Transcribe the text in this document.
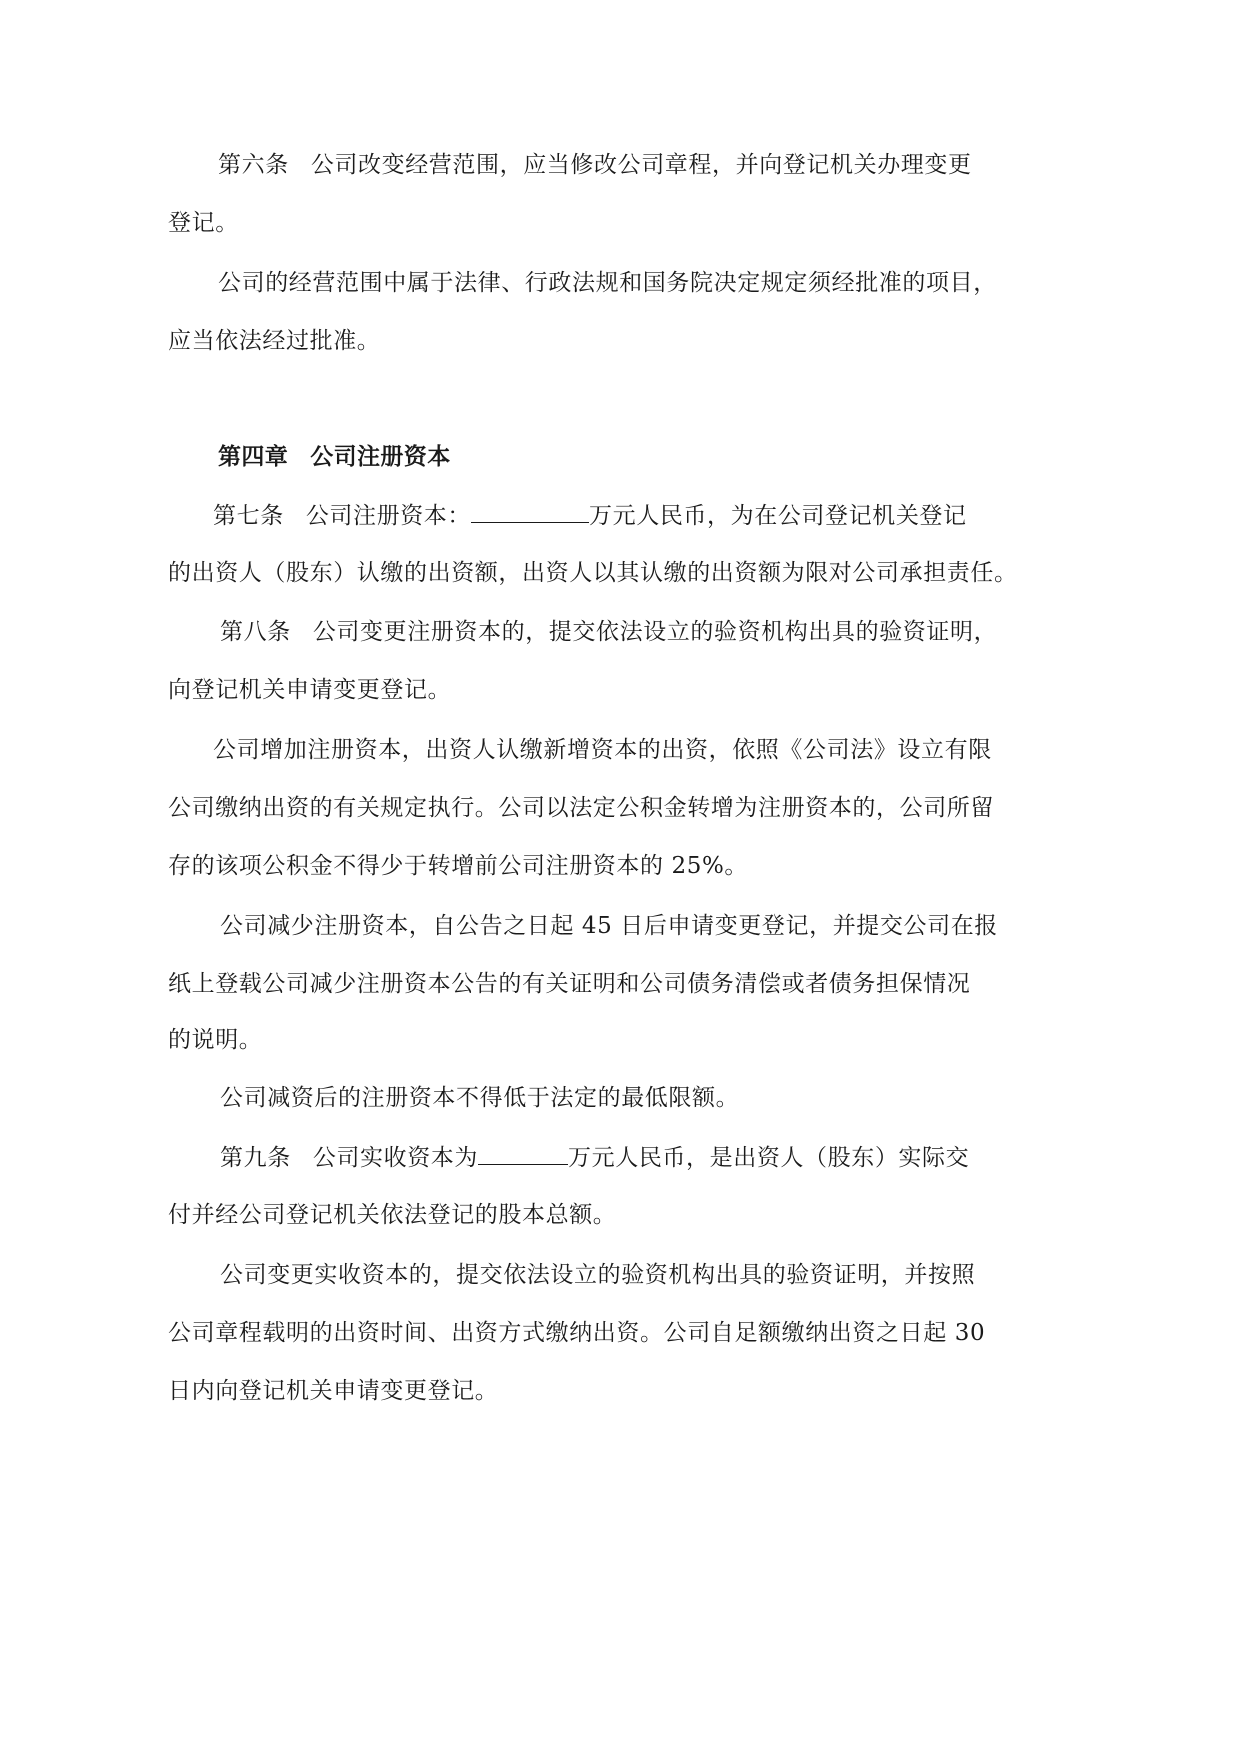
第六条 公司改变经营范围，应当修改公司章程，并向登记机关办理变更
登记。
公司的经营范围中属于法律、行政法规和国务院决定规定须经批准的项目，
应当依法经过批准。
第四章 公司注册资本
第七条 公司注册资本：	万元人民币，为在公司登记机关登记
的出资人（股东）认缴的出资额，出资人以其认缴的出资额为限对公司承担责任。
第八条 公司变更注册资本的，提交依法设立的验资机构出具的验资证明，
向登记机关申请变更登记。
公司增加注册资本，出资人认缴新增资本的出资，依照《公司法》设立有限
公司缴纳出资的有关规定执行。公司以法定公积金转增为注册资本的，公司所留
存的该项公积金不得少于转增前公司注册资本的 25%。
公司减少注册资本，自公告之日起 45 日后申请变更登记，并提交公司在报
纸上登载公司减少注册资本公告的有关证明和公司债务清偿或者债务担保情况
的说明。
公司减资后的注册资本不得低于法定的最低限额。
第九条 公司实收资本为	万元人民币，是出资人（股东）实际交
付并经公司登记机关依法登记的股本总额。
公司变更实收资本的，提交依法设立的验资机构出具的验资证明，并按照
公司章程载明的出资时间、出资方式缴纳出资。公司自足额缴纳出资之日起 30
日内向登记机关申请变更登记。
